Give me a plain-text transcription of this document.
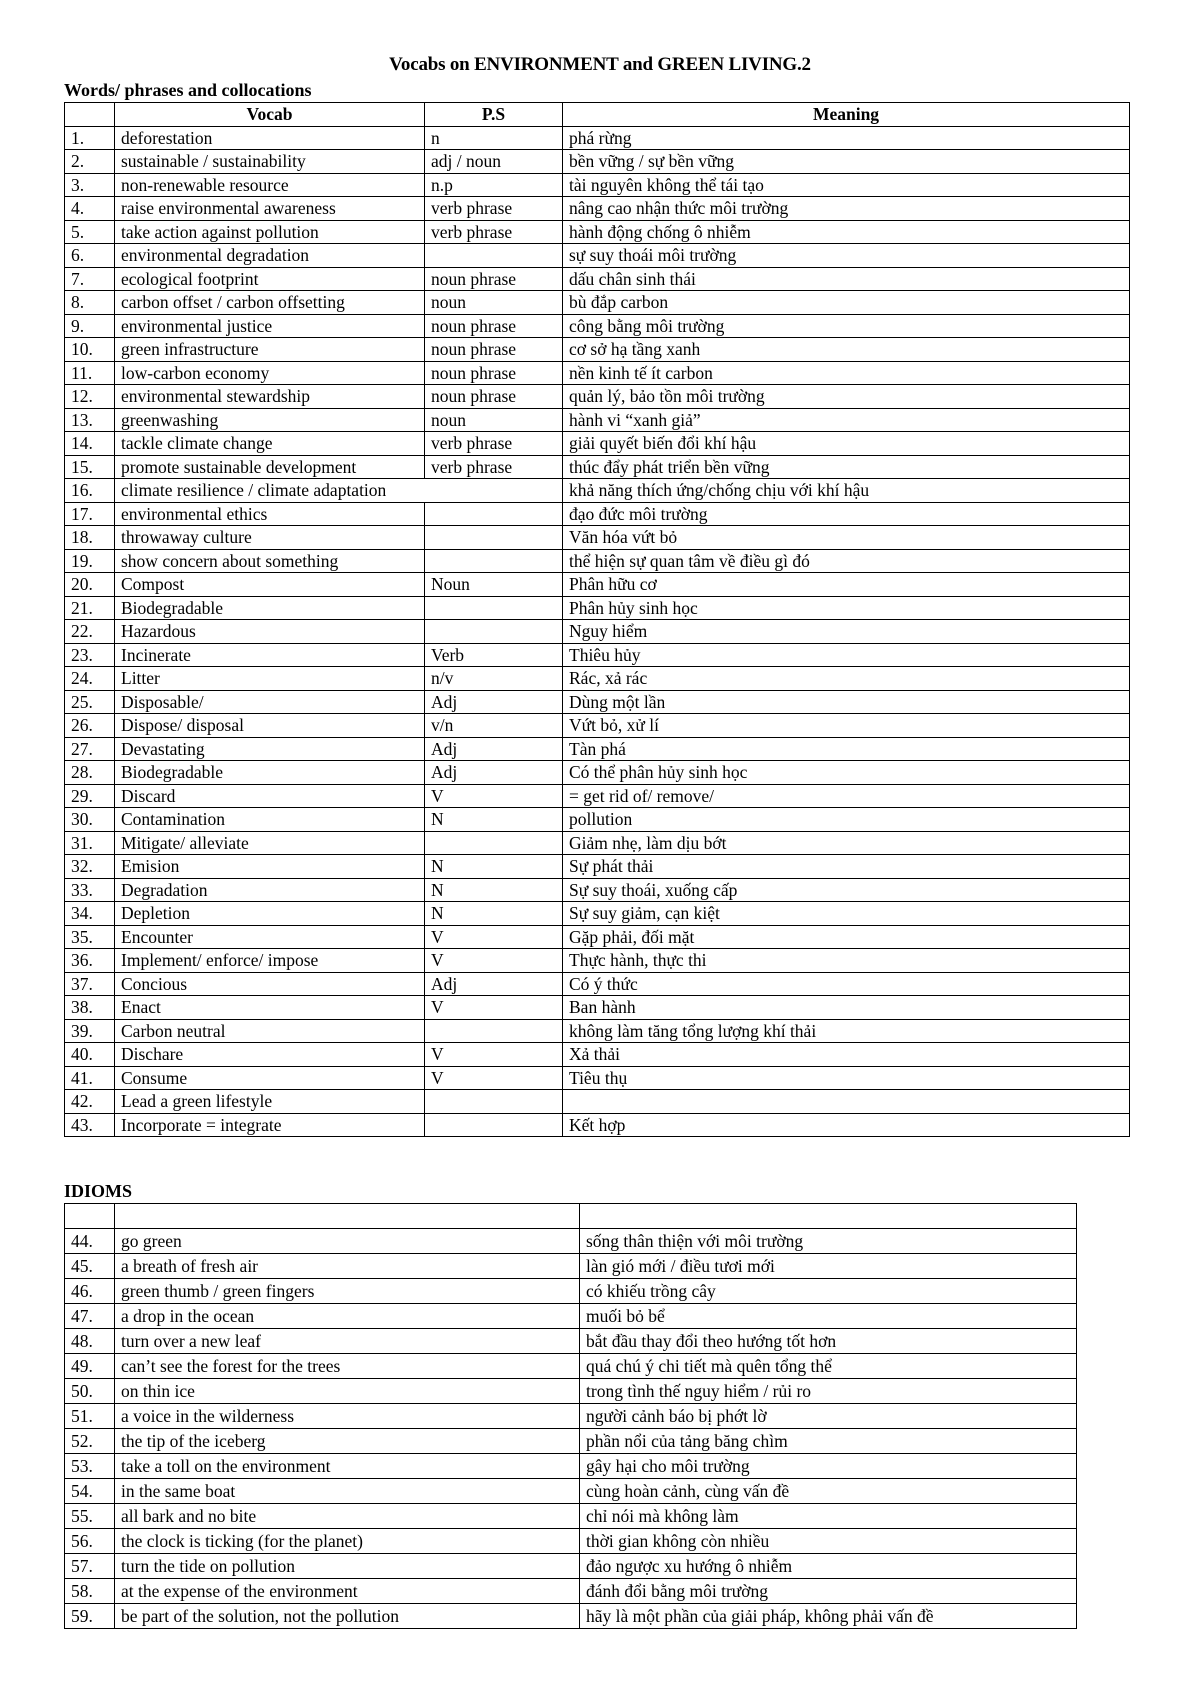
Vocabs on ENVIRONMENT and GREEN LIVING.2
Words/ phrases and collocations
	Vocab	P.S	Meaning
1.	deforestation	n	phá rừng
2.	sustainable / sustainability	adj / noun	bền vững / sự bền vững
3.	non-renewable resource	n.p	tài nguyên không thể tái tạo
4.	raise environmental awareness	verb phrase	nâng cao nhận thức môi trường
5.	take action against pollution	verb phrase	hành động chống ô nhiễm
6.	environmental degradation		sự suy thoái môi trường
7.	ecological footprint	noun phrase	dấu chân sinh thái
8.	carbon offset / carbon offsetting	noun	bù đắp carbon
9.	environmental justice	noun phrase	công bằng môi trường
10.	green infrastructure	noun phrase	cơ sở hạ tầng xanh
11.	low-carbon economy	noun phrase	nền kinh tế ít carbon
12.	environmental stewardship	noun phrase	quản lý, bảo tồn môi trường
13.	greenwashing	noun	hành vi “xanh giả”
14.	tackle climate change	verb phrase	giải quyết biến đổi khí hậu
15.	promote sustainable development	verb phrase	thúc đẩy phát triển bền vững
16.	climate resilience / climate adaptation		khả năng thích ứng/chống chịu với khí hậu
17.	environmental ethics		đạo đức môi trường
18.	throwaway culture		Văn hóa vứt bỏ
19.	show concern about something		thể hiện sự quan tâm về điều gì đó
20.	Compost	Noun	Phân hữu cơ
21.	Biodegradable		Phân hủy sinh học
22.	Hazardous		Nguy hiểm
23.	Incinerate	Verb	Thiêu hủy
24.	Litter	n/v	Rác, xả rác
25.	Disposable/	Adj	Dùng một lần
26.	Dispose/ disposal	v/n	Vứt bỏ, xử lí
27.	Devastating	Adj	Tàn phá
28.	Biodegradable	Adj	Có thể phân hủy sinh học
29.	Discard	V	= get rid of/ remove/
30.	Contamination	N	pollution
31.	Mitigate/ alleviate		Giảm nhẹ, làm dịu bớt
32.	Emision	N	Sự phát thải
33.	Degradation	N	Sự suy thoái, xuống cấp
34.	Depletion	N	Sự suy giảm, cạn kiệt
35.	Encounter	V	Gặp phải, đối mặt
36.	Implement/ enforce/ impose	V	Thực hành, thực thi
37.	Concious	Adj	Có ý thức
38.	Enact	V	Ban hành
39.	Carbon neutral		không làm tăng tổng lượng khí thải
40.	Dischare	V	Xả thải
41.	Consume	V	Tiêu thụ
42.	Lead a green lifestyle		
43.	Incorporate = integrate		Kết hợp
IDIOMS

44.	go green	sống thân thiện với môi trường
45.	a breath of fresh air	làn gió mới / điều tươi mới
46.	green thumb / green fingers	có khiếu trồng cây
47.	a drop in the ocean	muối bỏ bể
48.	turn over a new leaf	bắt đầu thay đổi theo hướng tốt hơn
49.	can’t see the forest for the trees	quá chú ý chi tiết mà quên tổng thể
50.	on thin ice	trong tình thế nguy hiểm / rủi ro
51.	a voice in the wilderness	người cảnh báo bị phớt lờ
52.	the tip of the iceberg	phần nổi của tảng băng chìm
53.	take a toll on the environment	gây hại cho môi trường
54.	in the same boat	cùng hoàn cảnh, cùng vấn đề
55.	all bark and no bite	chỉ nói mà không làm
56.	the clock is ticking (for the planet)	thời gian không còn nhiều
57.	turn the tide on pollution	đảo ngược xu hướng ô nhiễm
58.	at the expense of the environment	đánh đổi bằng môi trường
59.	be part of the solution, not the pollution	hãy là một phần của giải pháp, không phải vấn đề
